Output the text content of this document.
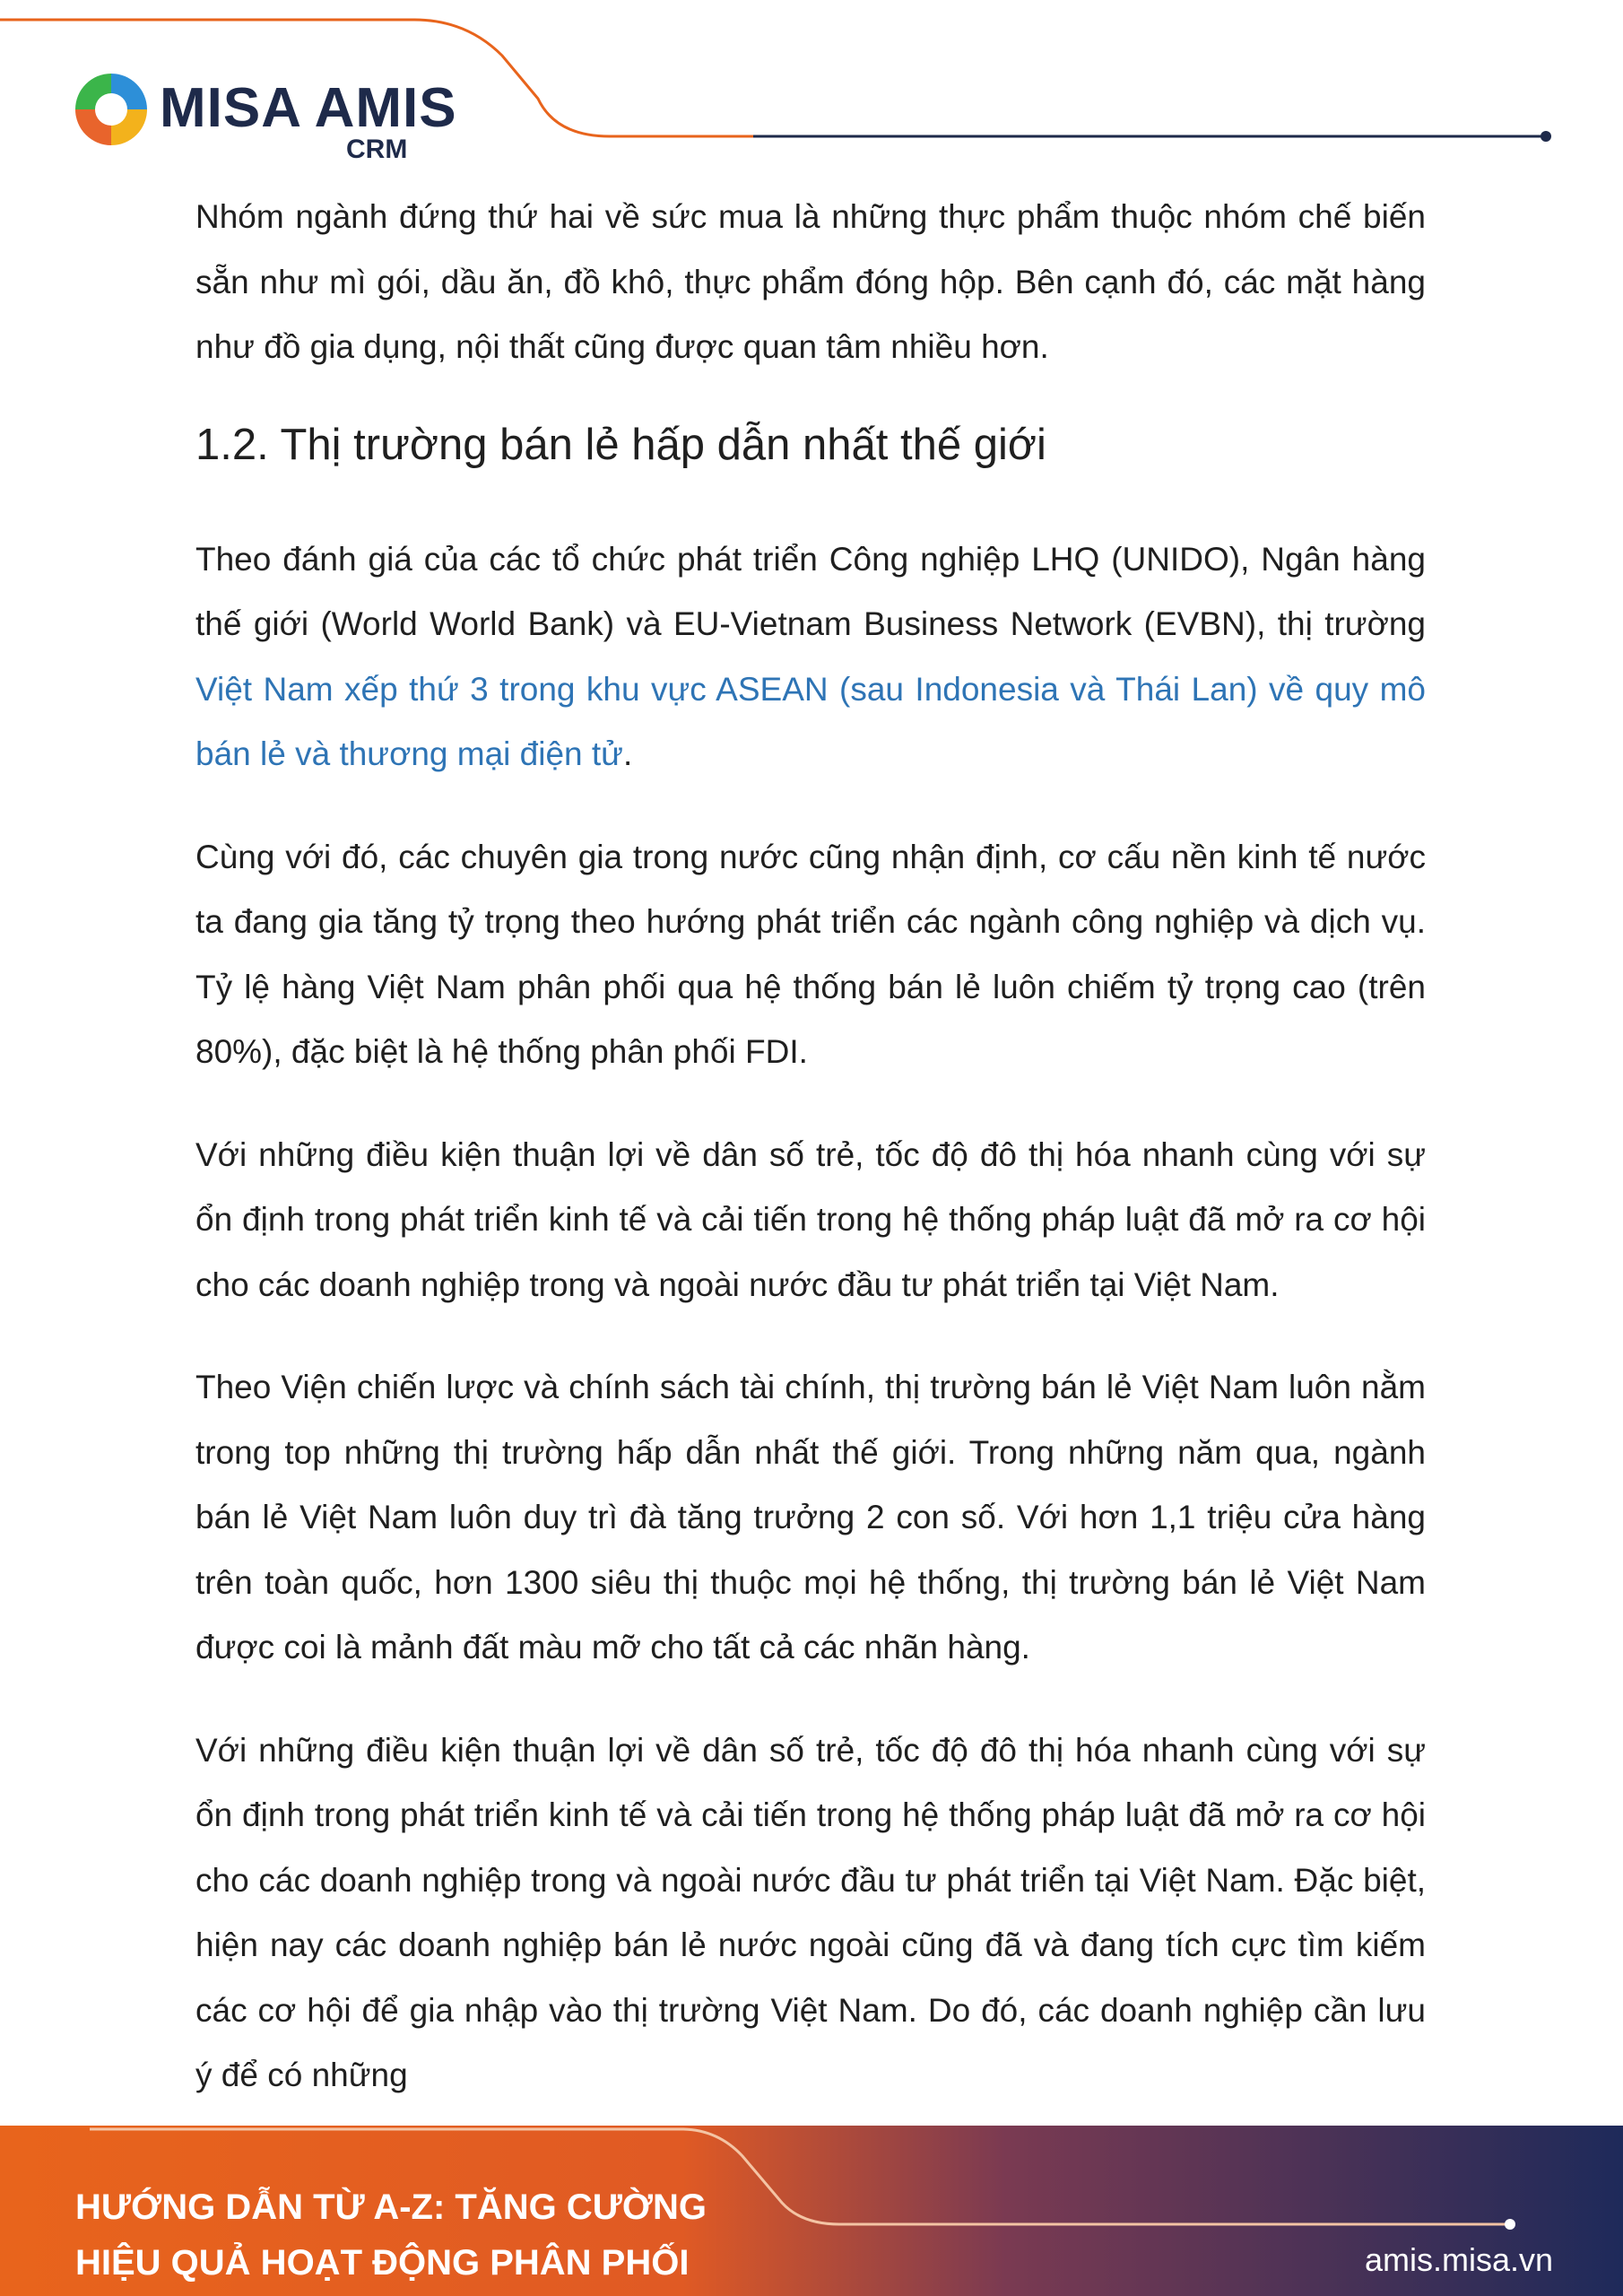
MISA AMIS
CRM

Nhóm ngành đứng thứ hai về sức mua là những thực phẩm thuộc nhóm chế biến sẵn như mì gói, dầu ăn, đồ khô, thực phẩm đóng hộp. Bên cạnh đó, các mặt hàng như đồ gia dụng, nội thất cũng được quan tâm nhiều hơn.

1.2. Thị trường bán lẻ hấp dẫn nhất thế giới

Theo đánh giá của các tổ chức phát triển Công nghiệp LHQ (UNIDO), Ngân hàng thế giới (World World Bank) và EU-Vietnam Business Network (EVBN), thị trường Việt Nam xếp thứ 3 trong khu vực ASEAN (sau Indonesia và Thái Lan) về quy mô bán lẻ và thương mại điện tử.

Cùng với đó, các chuyên gia trong nước cũng nhận định, cơ cấu nền kinh tế nước ta đang gia tăng tỷ trọng theo hướng phát triển các ngành công nghiệp và dịch vụ. Tỷ lệ hàng Việt Nam phân phối qua hệ thống bán lẻ luôn chiếm tỷ trọng cao (trên 80%), đặc biệt là hệ thống phân phối FDI.

Với những điều kiện thuận lợi về dân số trẻ, tốc độ đô thị hóa nhanh cùng với sự ổn định trong phát triển kinh tế và cải tiến trong hệ thống pháp luật đã mở ra cơ hội cho các doanh nghiệp trong và ngoài nước đầu tư phát triển tại Việt Nam.

Theo Viện chiến lược và chính sách tài chính, thị trường bán lẻ Việt Nam luôn nằm trong top những thị trường hấp dẫn nhất thế giới. Trong những năm qua, ngành bán lẻ Việt Nam luôn duy trì đà tăng trưởng 2 con số. Với hơn 1,1 triệu cửa hàng trên toàn quốc, hơn 1300 siêu thị thuộc mọi hệ thống, thị trường bán lẻ Việt Nam được coi là mảnh đất màu mỡ cho tất cả các nhãn hàng.

Với những điều kiện thuận lợi về dân số trẻ, tốc độ đô thị hóa nhanh cùng với sự ổn định trong phát triển kinh tế và cải tiến trong hệ thống pháp luật đã mở ra cơ hội cho các doanh nghiệp trong và ngoài nước đầu tư phát triển tại Việt Nam. Đặc biệt, hiện nay các doanh nghiệp bán lẻ nước ngoài cũng đã và đang tích cực tìm kiếm các cơ hội để gia nhập vào thị trường Việt Nam. Do đó, các doanh nghiệp cần lưu ý để có những

HƯỚNG DẪN TỪ A-Z: TĂNG CƯỜNG
HIỆU QUẢ HOẠT ĐỘNG PHÂN PHỐI	amis.misa.vn
